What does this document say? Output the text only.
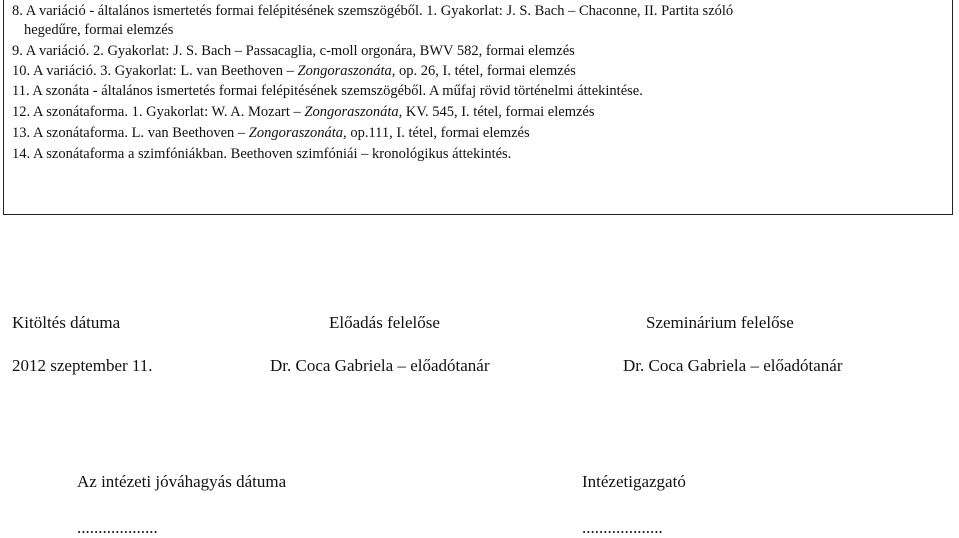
8. A variáció - általános ismertetés formai felépitésének szemszögéből. 1. Gyakorlat: J. S. Bach – Chaconne, II. Partita szóló
hegedűre, formai elemzés
9. A variáció. 2. Gyakorlat: J. S. Bach – Passacaglia, c-moll orgonára, BWV 582, formai elemzés
10. A variáció. 3. Gyakorlat: L. van Beethoven – Zongoraszonáta, op. 26, I. tétel, formai elemzés
11. A szonáta - általános ismertetés formai felépitésének szemszögéből. A műfaj rövid történelmi áttekintése.
12. A szonátaforma. 1. Gyakorlat: W. A. Mozart – Zongoraszonáta, KV. 545, I. tétel, formai elemzés
13. A szonátaforma. L. van Beethoven – Zongoraszonáta, op.111, I. tétel, formai elemzés
14. A szonátaforma a szimfóniákban. Beethoven szimfóniái – kronológikus áttekintés.
Kitöltés dátuma	Előadás felelőse	Szeminárium felelőse
2012 szeptember 11.	Dr. Coca Gabriela – előadótanár	Dr. Coca Gabriela – előadótanár
Az intézeti jóváhagyás dátuma	Intézetigazgató
...................	...................
